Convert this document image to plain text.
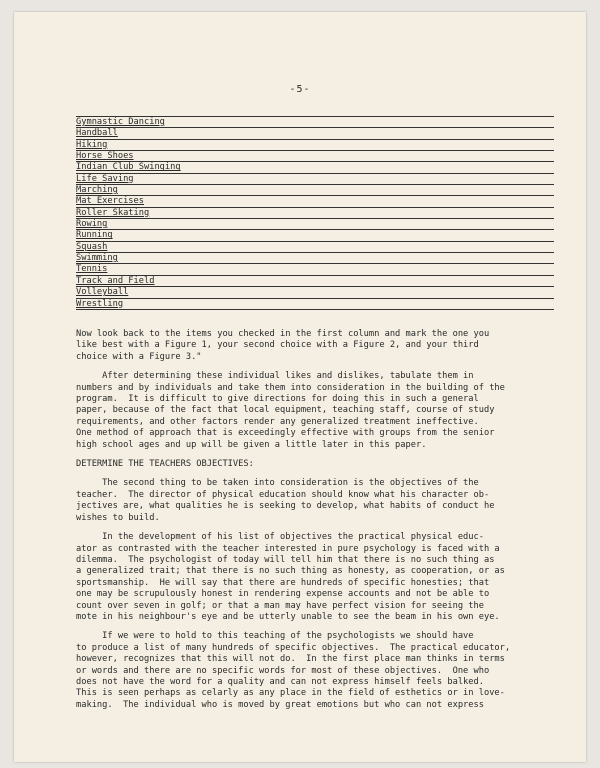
-5-
Gymnastic Dancing
Handball
Hiking
Horse Shoes
Indian Club Swinging
Life Saving
Marching
Mat Exercises
Roller Skating
Rowing
Running
Squash
Swimming
Tennis
Track and Field
Volleyball
Wrestling

Now look back to the items you checked in the first column and mark the one you
like best with a Figure 1, your second choice with a Figure 2, and your third
choice with a Figure 3."

After determining these individual likes and dislikes, tabulate them in
numbers and by individuals and take them into consideration in the building of the
program.  It is difficult to give directions for doing this in such a general
paper, because of the fact that local equipment, teaching staff, course of study
requirements, and other factors render any generalized treatment ineffective.
One method of approach that is exceedingly effective with groups from the senior
high school ages and up will be given a little later in this paper.

DETERMINE THE TEACHERS OBJECTIVES:

The second thing to be taken into consideration is the objectives of the
teacher.  The director of physical education should know what his character ob-
jectives are, what qualities he is seeking to develop, what habits of conduct he
wishes to build.

In the development of his list of objectives the practical physical educ-
ator as contrasted with the teacher interested in pure psychology is faced with a
dilemma.  The psychologist of today will tell him that there is no such thing as
a generalized trait; that there is no such thing as honesty, as cooperation, or as
sportsmanship.  He will say that there are hundreds of specific honesties; that
one may be scrupulously honest in rendering expense accounts and not be able to
count over seven in golf; or that a man may have perfect vision for seeing the
mote in his neighbour's eye and be utterly unable to see the beam in his own eye.

If we were to hold to this teaching of the psychologists we should have
to produce a list of many hundreds of specific objectives.  The practical educator,
however, recognizes that this will not do.  In the first place man thinks in terms
or words and there are no specific words for most of these objectives.  One who
does not have the word for a quality and can not express himself feels balked.
This is seen perhaps as celarly as any place in the field of esthetics or in love-
making.  The individual who is moved by great emotions but who can not express
